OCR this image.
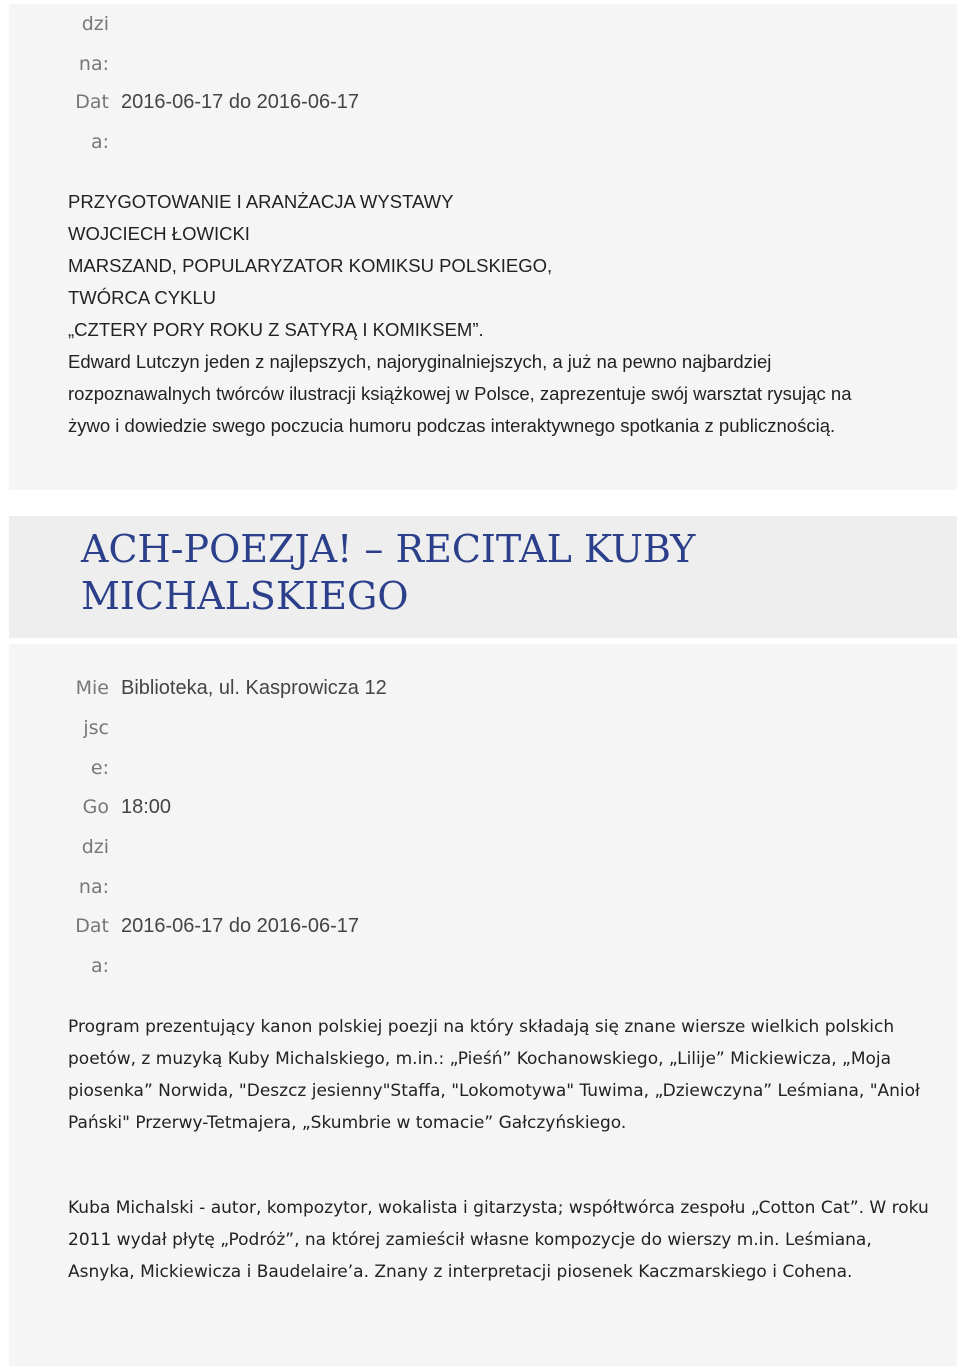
dzi
na:
Dat
a:
2016-06-17 do 2016-06-17

PRZYGOTOWANIE I ARANŻACJA WYSTAWY
WOJCIECH ŁOWICKI
MARSZAND, POPULARYZATOR KOMIKSU POLSKIEGO,
TWÓRCA CYKLU
„CZTERY PORY ROKU Z SATYRĄ I KOMIKSEM”.
Edward Lutczyn jeden z najlepszych, najoryginalniejszych, a już na pewno najbardziej
rozpoznawalnych twórców ilustracji książkowej w Polsce, zaprezentuje swój warsztat rysując na
żywo i dowiedzie swego poczucia humoru podczas interaktywnego spotkania z publicznością.

ACH-POEZJA! – RECITAL KUBY MICHALSKIEGO
Mie
jsc
e:
Biblioteka, ul. Kasprowicza 12
Go
dzi
na:
18:00
Dat
a:
2016-06-17 do 2016-06-17

Program prezentujący kanon polskiej poezji na który składają się znane wiersze wielkich polskich poetów, z muzyką Kuby Michalskiego, m.in.: „Pieśń” Kochanowskiego, „Lilije” Mickiewicza, „Moja piosenka” Norwida, "Deszcz jesienny"Staffa, "Lokomotywa" Tuwima, „Dziewczyna” Leśmiana, "Anioł Pański" Przerwy-Tetmajera, „Skumbrie w tomacie” Gałczyńskiego.

Kuba Michalski - autor, kompozytor, wokalista i gitarzysta; współtwórca zespołu „Cotton Cat”. W roku 2011 wydał płytę „Podróż”, na której zamieścił własne kompozycje do wierszy m.in. Leśmiana, Asnyka, Mickiewicza i Baudelaire’a. Znany z interpretacji piosenek Kaczmarskiego i Cohena.
